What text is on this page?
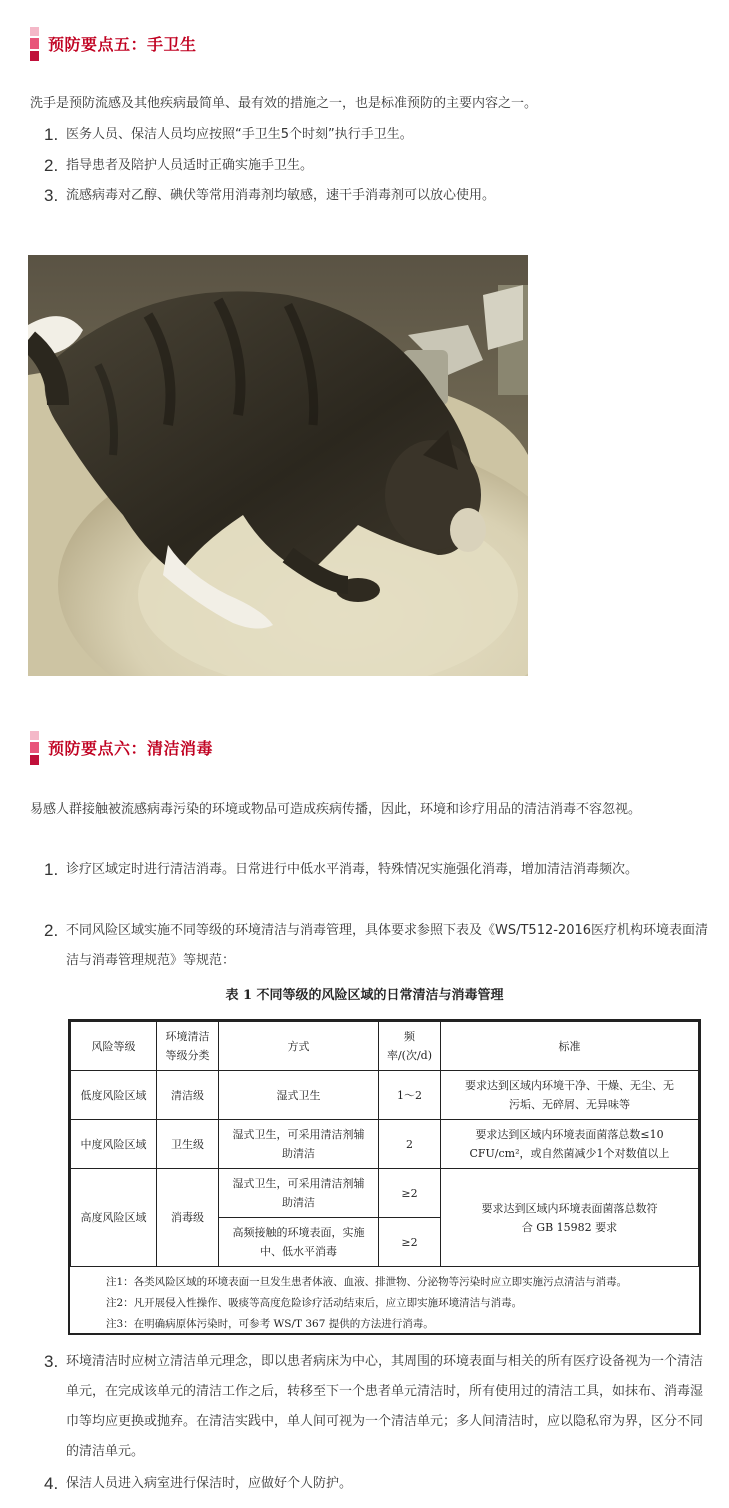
预防要点五：手卫生
洗手是预防流感及其他疾病最简单、最有效的措施之一，也是标准预防的主要内容之一。
1. 医务人员、保洁人员均应按照“手卫生5个时刻”执行手卫生。
2. 指导患者及陪护人员适时正确实施手卫生。
3. 流感病毒对乙醇、碘伏等常用消毒剂均敏感，速干手消毒剂可以放心使用。
预防要点六：清洁消毒
易感人群接触被流感病毒污染的环境或物品可造成疾病传播，因此，环境和诊疗用品的清洁消毒不容忽视。
1. 诊疗区域定时进行清洁消毒。日常进行中低水平消毒，特殊情况实施强化消毒，增加清洁消毒频次。
2. 不同风险区域实施不同等级的环境清洁与消毒管理，具体要求参照下表及《WS/T512-2016医疗机构环境表面清洁与消毒管理规范》等规范：
表 1 不同等级的风险区域的日常清洁与消毒管理
风险等级	环境清洁等级分类	方式	频率/(次/d)	标准
低度风险区域	清洁级	湿式卫生	1～2	要求达到区域内环境干净、干燥、无尘、无污垢、无碎屑、无异味等
中度风险区域	卫生级	湿式卫生，可采用清洁剂辅助清洁	2	要求达到区域内环境表面菌落总数≤10 CFU/cm²，或自然菌减少1个对数值以上
高度风险区域	消毒级	湿式卫生，可采用清洁剂辅助清洁	≥2	要求达到区域内环境表面菌落总数符合 GB 15982 要求
		高频接触的环境表面，实施中、低水平消毒	≥2	
注1：各类风险区域的环境表面一旦发生患者体液、血液、排泄物、分泌物等污染时应立即实施污点清洁与消毒。
注2：凡开展侵入性操作、吸痰等高度危险诊疗活动结束后，应立即实施环境清洁与消毒。
注3：在明确病原体污染时，可参考 WS/T 367 提供的方法进行消毒。
3. 环境清洁时应树立清洁单元理念，即以患者病床为中心，其周围的环境表面与相关的所有医疗设备视为一个清洁单元，在完成该单元的清洁工作之后，转移至下一个患者单元清洁时，所有使用过的清洁工具，如抹布、消毒湿巾等均应更换或抛弃。在清洁实践中，单人间可视为一个清洁单元；多人间清洁时，应以隐私帘为界，区分不同的清洁单元。
4. 保洁人员进入病室进行保洁时，应做好个人防护。
